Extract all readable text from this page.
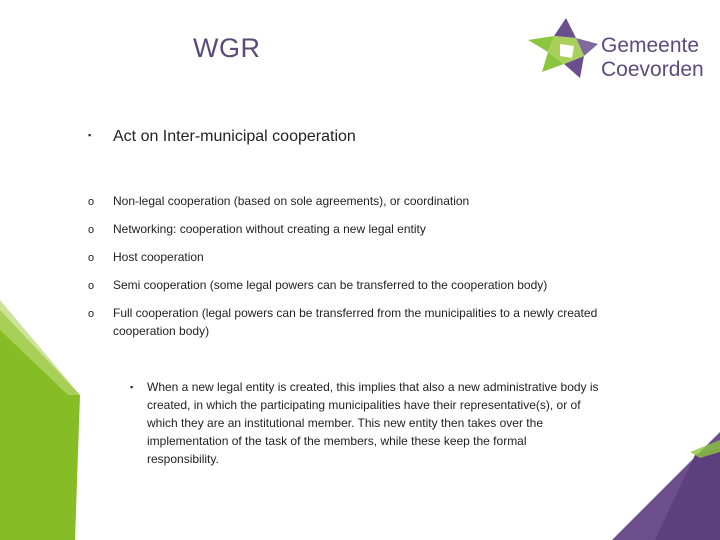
WGR	Gemeente
Coevorden
▪ Act on Inter-municipal cooperation
o Non-legal cooperation (based on sole agreements), or coordination
o Networking: cooperation without creating a new legal entity
o Host cooperation
o Semi cooperation (some legal powers can be transferred to the cooperation body)
o Full cooperation (legal powers can be transferred from the municipalities to a newly created cooperation body)
▪ When a new legal entity is created, this implies that also a new administrative body is created, in which the participating municipalities have their representative(s), or of which they are an institutional member. This new entity then takes over the implementation of the task of the members, while these keep the formal responsibility.
